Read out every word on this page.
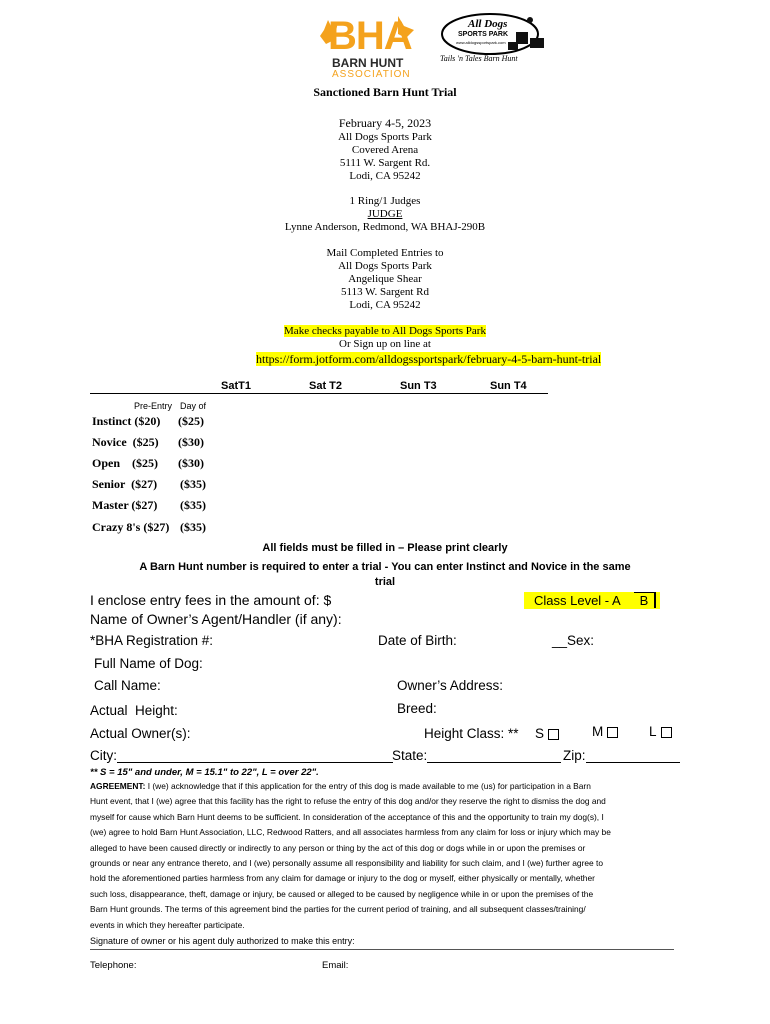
BHA
BARN HUNT
ASSOCIATION
All Dogs
SPORTS PARK
www.alldogssportspark.com
Tails 'n Tales Barn Hunt
Sanctioned Barn Hunt Trial
February 4-5, 2023
All Dogs Sports Park
Covered Arena
5111 W. Sargent Rd.
Lodi, CA 95242
1 Ring/1 Judges
JUDGE
Lynne Anderson, Redmond, WA BHAJ-290B
Mail Completed Entries to
All Dogs Sports Park
Angelique Shear
5113 W. Sargent Rd
Lodi, CA 95242
Make checks payable to All Dogs Sports Park
Or Sign up on line at
https://form.jotform.com/alldogssportspark/february-4-5-barn-hunt-trial
SatT1	Sat T2	Sun T3	Sun T4
Pre-Entry Day of
Instinct ($20) ($25)
Novice  ($25) ($30)
Open    ($25) ($30)
Senior  ($27) ($35)
Master ($27) ($35)
Crazy 8's ($27) ($35)
All fields must be filled in – Please print clearly
A Barn Hunt number is required to enter a trial - You can enter Instinct and Novice in the same
trial
I enclose entry fees in the amount of: $	Class Level - A B
Name of Owner’s Agent/Handler (if any):
*BHA Registration #:	Date of Birth:	__Sex:
Full Name of Dog:
Call Name:	Owner’s Address:
Actual  Height:	Breed:
Actual Owner(s):	Height Class: ** S	M	L
City:	State:	Zip:
** S = 15" and under, M = 15.1" to 22", L = over 22".
AGREEMENT: I (we) acknowledge that if this application for the entry of this dog is made available to me (us) for participation in a Barn
Hunt event, that I (we) agree that this facility has the right to refuse the entry of this dog and/or they reserve the right to dismiss the dog and
myself for cause which Barn Hunt deems to be sufficient. In consideration of the acceptance of this and the opportunity to train my dog(s), I
(we) agree to hold Barn Hunt Association, LLC, Redwood Ratters, and all associates harmless from any claim for loss or injury which may be
alleged to have been caused directly or indirectly to any person or thing by the act of this dog or dogs while in or upon the premises or
grounds or near any entrance thereto, and I (we) personally assume all responsibility and liability for such claim, and I (we) further agree to
hold the aforementioned parties harmless from any claim for damage or injury to the dog or myself, either physically or mentally, whether
such loss, disappearance, theft, damage or injury, be caused or alleged to be caused by negligence while in or upon the premises of the
Barn Hunt grounds. The terms of this agreement bind the parties for the current period of training, and all subsequent classes/training/
events in which they hereafter participate.
Signature of owner or his agent duly authorized to make this entry:
Telephone:	Email:
